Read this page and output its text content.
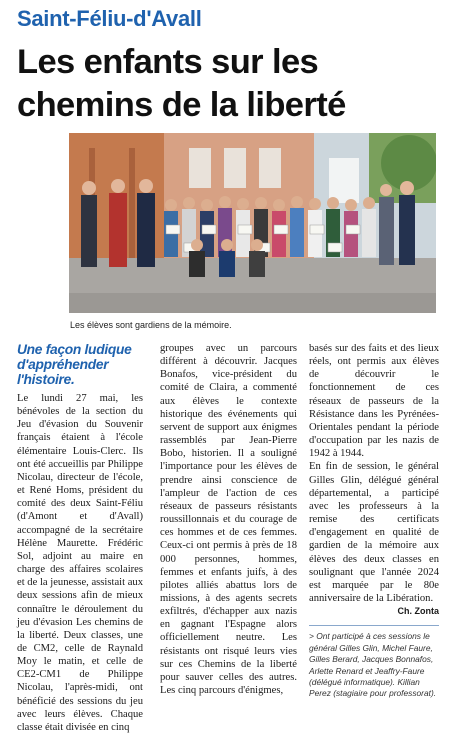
Saint-Féliu-d'Avall
Les enfants sur les chemins de la liberté

Les élèves sont gardiens de la mémoire.

Une façon ludique d'appréhender l'histoire.

Le lundi 27 mai, les bénévoles de la section du Jeu d'évasion du Souvenir français étaient à l'école élémentaire Louis-Clerc. Ils ont été accueillis par Philippe Nicolau, directeur de l'école, et René Homs, président du comité des deux Saint-Féliu (d'Amont et d'Avall) accompagné de la secrétaire Hélène Maurette. Frédéric Sol, adjoint au maire en charge des affaires scolaires et de la jeunesse, assistait aux deux sessions afin de mieux connaître le déroulement du jeu d'évasion Les chemins de la liberté. Deux classes, une de CM2, celle de Raynald Moy le matin, et celle de CE2-CM1 de Philippe Nicolau, l'après-midi, ont bénéficié des sessions du jeu avec leurs élèves. Chaque classe était divisée en cinq

groupes avec un parcours différent à découvrir. Jacques Bonafos, vice-président du comité de Claira, a commenté aux élèves le contexte historique des événements qui servent de support aux énigmes rassemblés par Jean-Pierre Bobo, historien. Il a souligné l'importance pour les élèves de prendre ainsi conscience de l'ampleur de l'action de ces réseaux de passeurs résistants roussillonnais et du courage de ces hommes et de ces femmes. Ceux-ci ont permis à près de 18 000 personnes, hommes, femmes et enfants juifs, à des pilotes alliés abattus lors de missions, à des agents secrets exfiltrés, d'échapper aux nazis en gagnant l'Espagne alors officiellement neutre. Les résistants ont risqué leurs vies sur ces Chemins de la liberté pour sauver celles des autres. Les cinq parcours d'énigmes,

basés sur des faits et des lieux réels, ont permis aux élèves de découvrir le fonctionnement de ces réseaux de passeurs de la Résistance dans les Pyrénées-Orientales pendant la période d'occupation par les nazis de 1942 à 1944.

En fin de session, le général Gilles Glin, délégué général départemental, a participé avec les professeurs à la remise des certificats d'engagement en qualité de gardien de la mémoire aux élèves des deux classes en soulignant que l'année 2024 est marquée par le 80e anniversaire de la Libération.

Ch. Zonta

> Ont participé à ces sessions le général Gilles Glin, Michel Faure, Gilles Berard, Jacques Bonnafos, Arlette Renard et Jeaffry-Faure (délégué informatique). Killian Perez (stagiaire pour professorat).
